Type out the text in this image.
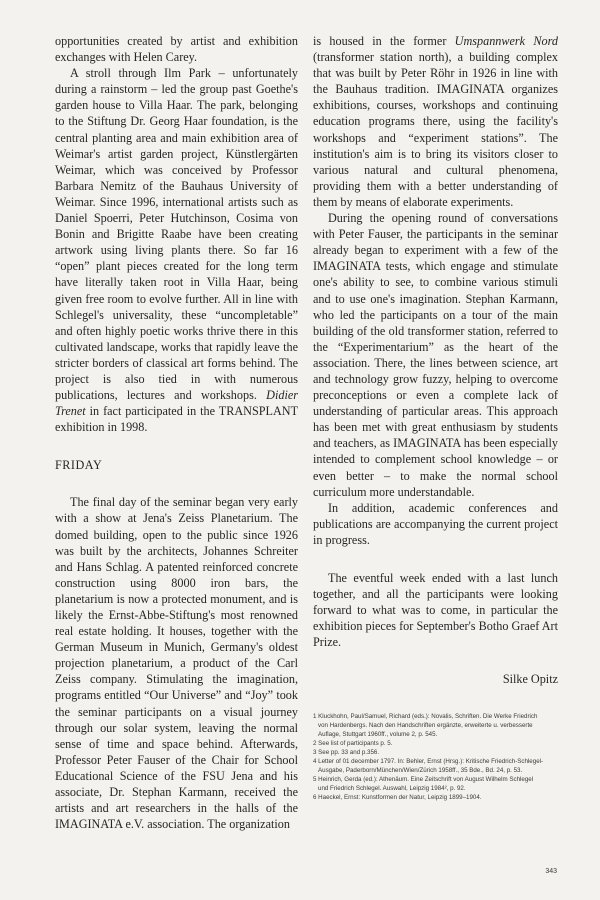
opportunities created by artist and exhibition exchanges with Helen Carey.

A stroll through Ilm Park – unfortunately during a rainstorm – led the group past Goethe's garden house to Villa Haar. The park, belonging to the Stiftung Dr. Georg Haar foundation, is the central planting area and main exhibition area of Weimar's artist garden project, Künstlergärten Weimar, which was conceived by Professor Barbara Nemitz of the Bauhaus University of Weimar. Since 1996, international artists such as Daniel Spoerri, Peter Hutchinson, Cosima von Bonin and Brigitte Raabe have been creating artwork using living plants there. So far 16 “open” plant pieces created for the long term have literally taken root in Villa Haar, being given free room to evolve further. All in line with Schlegel's universality, these “uncompletable” and often highly poetic works thrive there in this cultivated landscape, works that rapidly leave the stricter borders of classical art forms behind. The project is also tied in with numerous publications, lectures and workshops. Didier Trenet in fact participated in the TRANSPLANT exhibition in 1998.

FRIDAY

The final day of the seminar began very early with a show at Jena's Zeiss Planetarium. The domed building, open to the public since 1926 was built by the architects, Johannes Schreiter and Hans Schlag. A patented reinforced concrete construction using 8000 iron bars, the planetarium is now a protected monument, and is likely the Ernst-Abbe-Stiftung's most renowned real estate holding. It houses, together with the German Museum in Munich, Germany's oldest projection planetarium, a product of the Carl Zeiss company. Stimulating the imagination, programs entitled “Our Universe” and “Joy” took the seminar participants on a visual journey through our solar system, leaving the normal sense of time and space behind. Afterwards, Professor Peter Fauser of the Chair for School Educational Science of the FSU Jena and his associate, Dr. Stephan Karmann, received the artists and art researchers in the halls of the IMAGINATA e.V. association. The organization

is housed in the former Umspannwerk Nord (transformer station north), a building complex that was built by Peter Röhr in 1926 in line with the Bauhaus tradition. IMAGINATA organizes exhibitions, courses, workshops and continuing education programs there, using the facility's workshops and “experiment stations”. The institution's aim is to bring its visitors closer to various natural and cultural phenomena, providing them with a better understanding of them by means of elaborate experiments.

During the opening round of conversations with Peter Fauser, the participants in the seminar already began to experiment with a few of the IMAGINATA tests, which engage and stimulate one's ability to see, to combine various stimuli and to use one's imagination. Stephan Karmann, who led the participants on a tour of the main building of the old transformer station, referred to the “Experimentarium” as the heart of the association. There, the lines between science, art and technology grow fuzzy, helping to overcome preconceptions or even a complete lack of understanding of particular areas. This approach has been met with great enthusiasm by students and teachers, as IMAGINATA has been especially intended to complement school knowledge – or even better – to make the normal school curriculum more understandable.

In addition, academic conferences and publications are accompanying the current project in progress.

The eventful week ended with a last lunch together, and all the participants were looking forward to what was to come, in particular the exhibition pieces for September's Botho Graef Art Prize.

Silke Opitz
1 Kluckhohn, Paul/Samuel, Richard (eds.): Novalis, Schriften. Die Werke Friedrich
von Hardenbergs. Nach den Handschriften ergänzte, erweiterte u. verbesserte
Auflage, Stuttgart 1960ff., volume 2, p. 545.
2 See list of participants p. 5.
3 See pp. 33 and p.356.
4 Letter of 01 december 1797. In: Behler, Ernst (Hrsg.): Kritische Friedrich-Schlegel-
Ausgabe, Paderborn/München/Wien/Zürich 1958ff., 35 Bde., Bd. 24, p. 53.
5 Heinrich, Gerda (ed.): Athenäum. Eine Zeitschrift von August Wilhelm Schlegel
und Friedrich Schlegel. Auswahl, Leipzig 1984², p. 92.
6 Haeckel, Ernst: Kunstformen der Natur, Leipzig 1899–1904.
343
